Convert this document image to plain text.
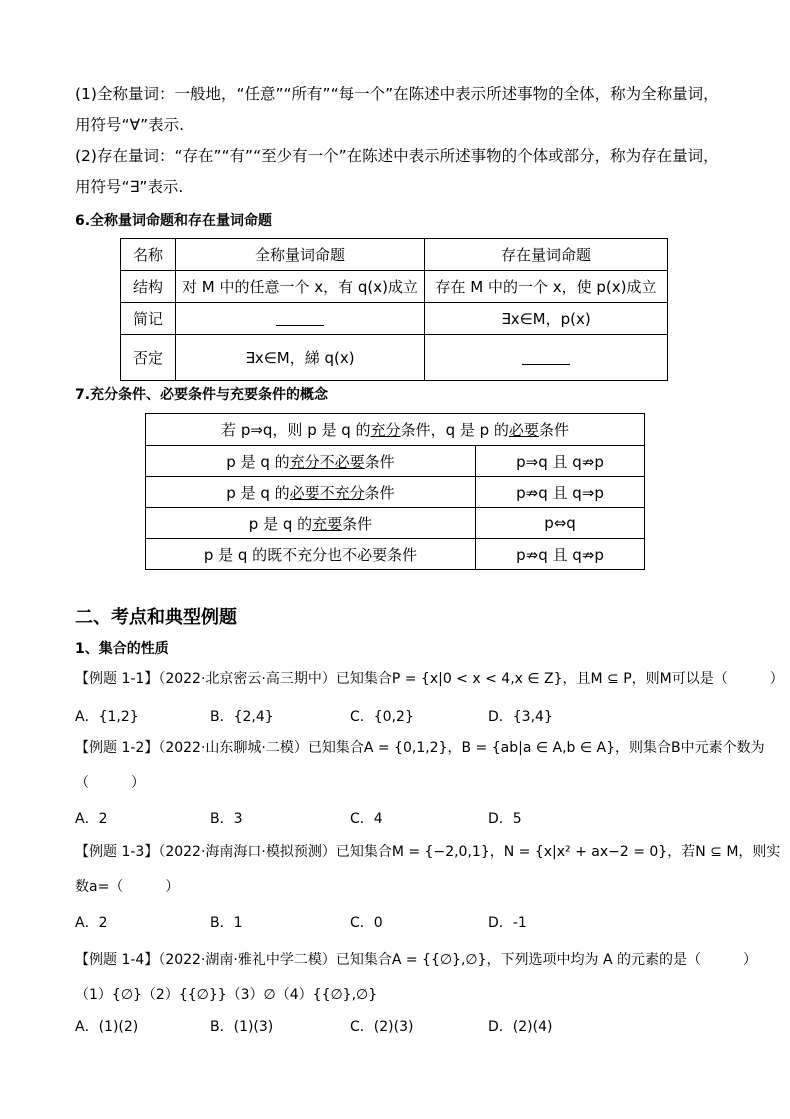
(1)全称量词：一般地，“任意”“所有”“每一个”在陈述中表示所述事物的全体，称为全称量词，用符号“∀”表示.
(2)存在量词：“存在”“有”“至少有一个”在陈述中表示所述事物的个体或部分，称为存在量词，用符号“∃”表示.
6.全称量词命题和存在量词命题
名称	全称量词命题	存在量词命题
结构	对 M 中的任意一个 x，有 q(x)成立	存在 M 中的一个 x，使 p(x)成立
简记		∃x∈M，p(x)
否定	∃x∈M，綈 q(x)	
7.充分条件、必要条件与充要条件的概念
若 p⇒q，则 p 是 q 的充分条件，q 是 p 的必要条件	
p 是 q 的充分不必要条件	p⇒q 且 q⇏p
p 是 q 的必要不充分条件	p⇏q 且 q⇒p
p 是 q 的充要条件	p⇔q
p 是 q 的既不充分也不必要条件	p⇏q 且 q⇏p
二、考点和典型例题
1、集合的性质
【例题 1-1】（2022·北京密云·高三期中）已知集合P = {x|0 < x < 4,x ∈ Z}，且M ⊆ P，则M可以是（　　　）
A．{1,2}	B．{2,4}	C．{0,2}	D．{3,4}
【例题 1-2】（2022·山东聊城·二模）已知集合A = {0,1,2}，B = {ab|a ∈ A,b ∈ A}，则集合B中元素个数为
（　　　）
A．2	B．3	C．4	D．5
【例题 1-3】（2022·海南海口·模拟预测）已知集合M = {−2,0,1}，N = {x|x² + ax−2 = 0}，若N ⊆ M，则实
数a=（　　　）
A．2	B．1	C．0	D．-1
【例题 1-4】（2022·湖南·雅礼中学二模）已知集合A = {{∅},∅}，下列选项中均为 A 的元素的是（　　　）
（1）{∅}（2）{{∅}}（3）∅（4）{{∅},∅}
A．(1)(2)	B．(1)(3)	C．(2)(3)	D．(2)(4)
